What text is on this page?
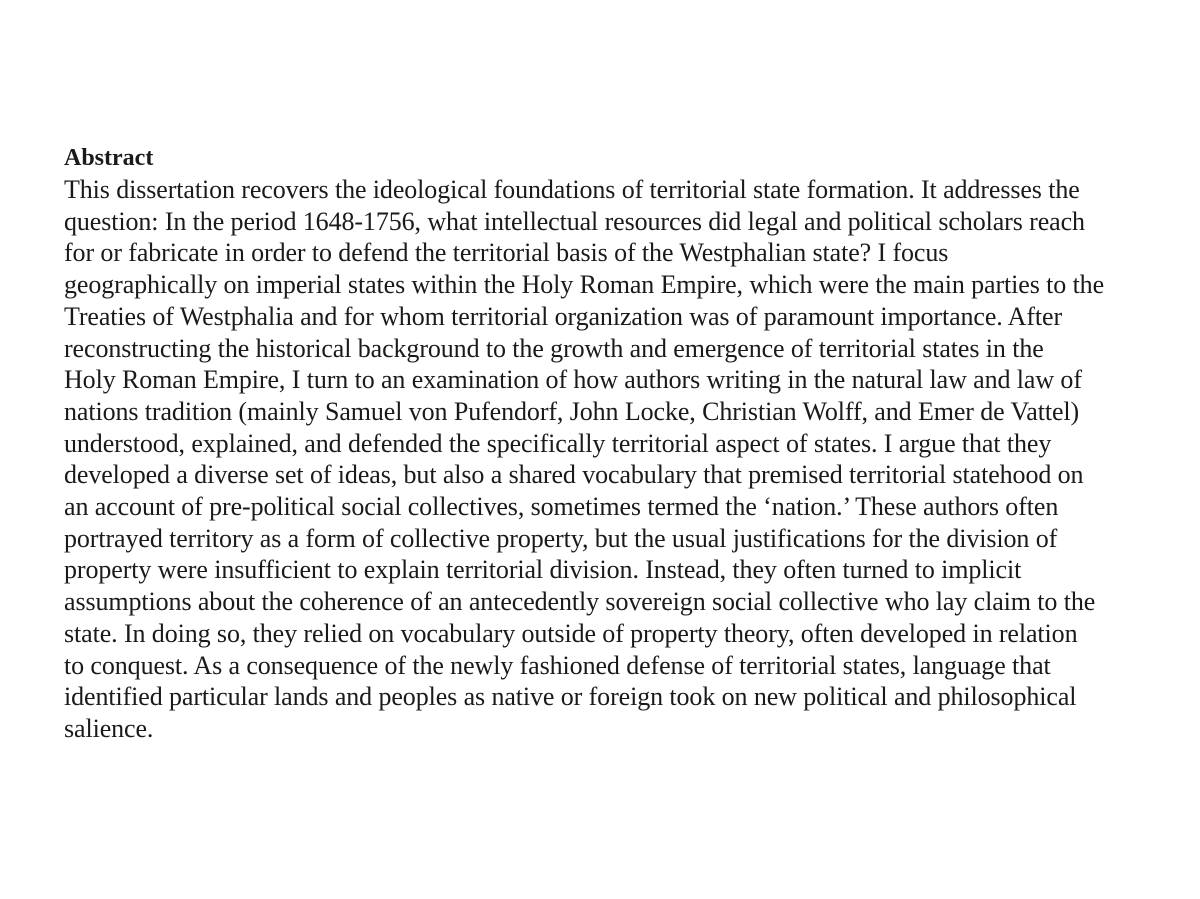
Abstract
This dissertation recovers the ideological foundations of territorial state formation. It addresses the
question: In the period 1648-1756, what intellectual resources did legal and political scholars reach
for or fabricate in order to defend the territorial basis of the Westphalian state? I focus
geographically on imperial states within the Holy Roman Empire, which were the main parties to the
Treaties of Westphalia and for whom territorial organization was of paramount importance. After
reconstructing the historical background to the growth and emergence of territorial states in the
Holy Roman Empire, I turn to an examination of how authors writing in the natural law and law of
nations tradition (mainly Samuel von Pufendorf, John Locke, Christian Wolff, and Emer de Vattel)
understood, explained, and defended the specifically territorial aspect of states. I argue that they
developed a diverse set of ideas, but also a shared vocabulary that premised territorial statehood on
an account of pre-political social collectives, sometimes termed the ‘nation.’ These authors often
portrayed territory as a form of collective property, but the usual justifications for the division of
property were insufficient to explain territorial division. Instead, they often turned to implicit
assumptions about the coherence of an antecedently sovereign social collective who lay claim to the
state. In doing so, they relied on vocabulary outside of property theory, often developed in relation
to conquest. As a consequence of the newly fashioned defense of territorial states, language that
identified particular lands and peoples as native or foreign took on new political and philosophical
salience.
